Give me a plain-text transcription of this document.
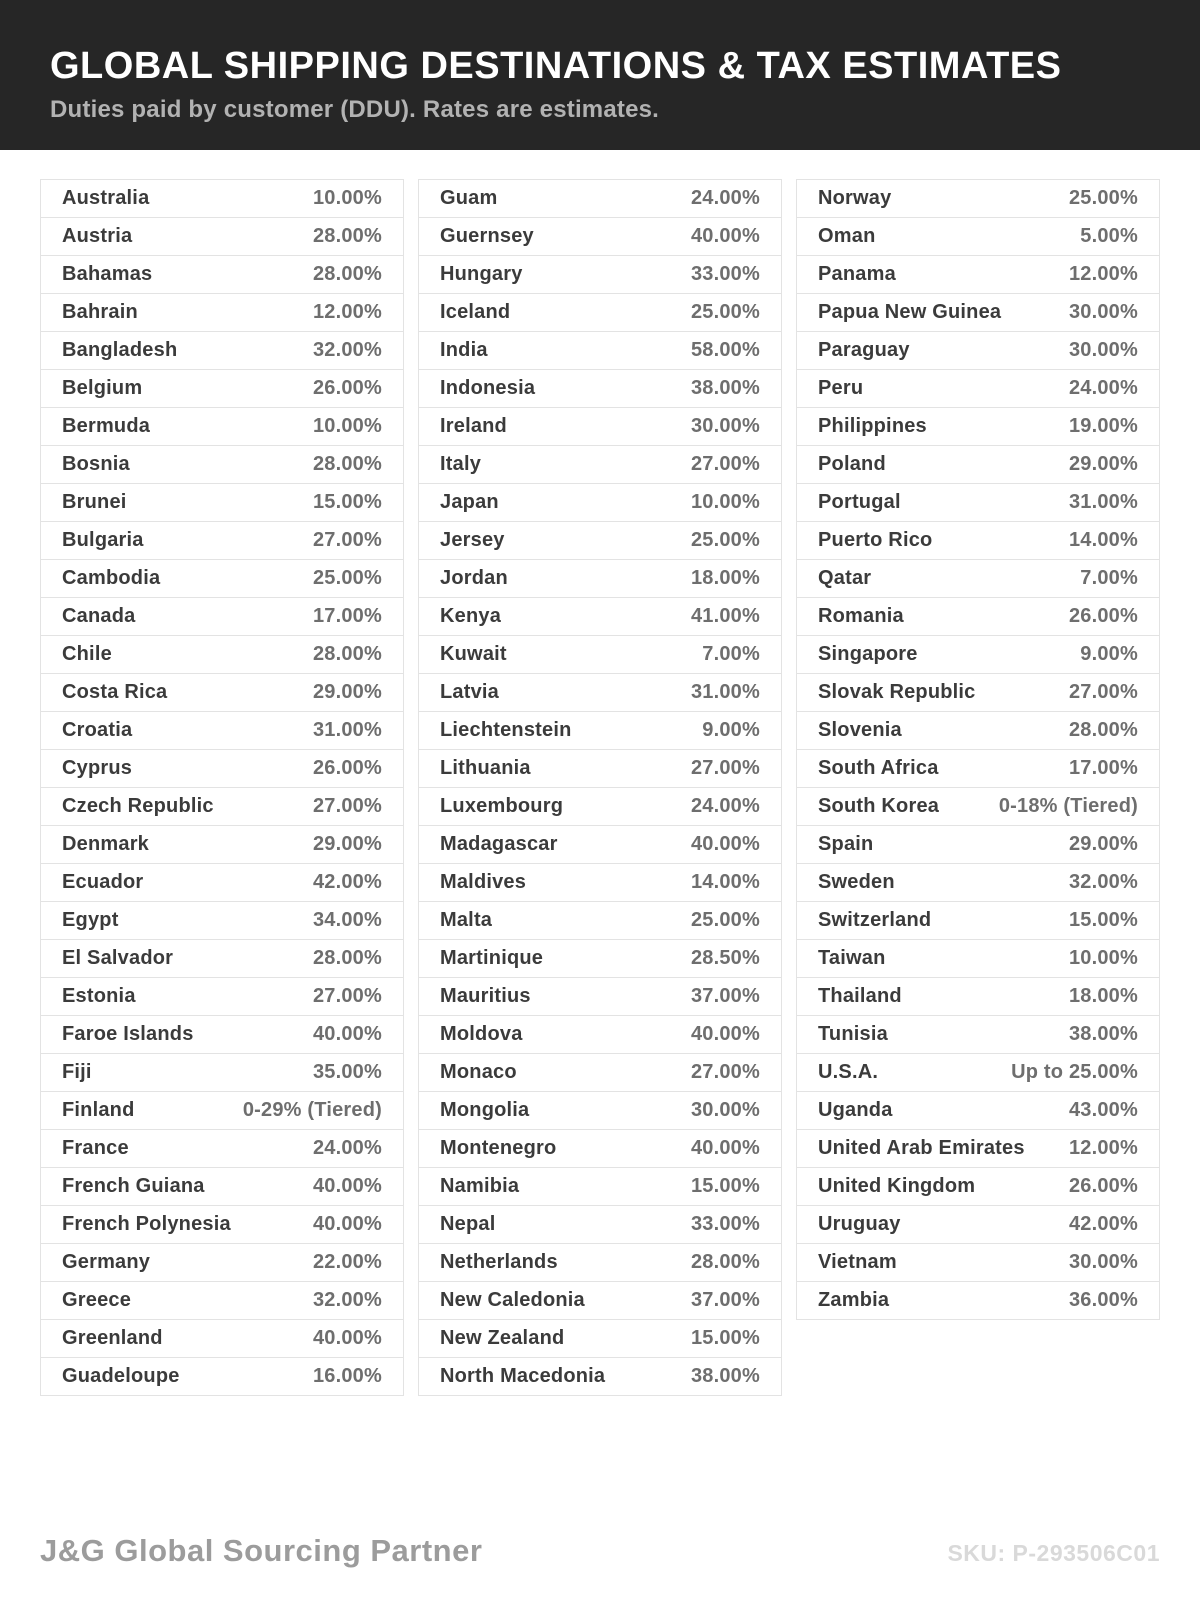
GLOBAL SHIPPING DESTINATIONS & TAX ESTIMATES

Duties paid by customer (DDU). Rates are estimates.

Australia	10.00%
Austria	28.00%
Bahamas	28.00%
Bahrain	12.00%
Bangladesh	32.00%
Belgium	26.00%
Bermuda	10.00%
Bosnia	28.00%
Brunei	15.00%
Bulgaria	27.00%
Cambodia	25.00%
Canada	17.00%
Chile	28.00%
Costa Rica	29.00%
Croatia	31.00%
Cyprus	26.00%
Czech Republic	27.00%
Denmark	29.00%
Ecuador	42.00%
Egypt	34.00%
El Salvador	28.00%
Estonia	27.00%
Faroe Islands	40.00%
Fiji	35.00%
Finland	0-29% (Tiered)
France	24.00%
French Guiana	40.00%
French Polynesia	40.00%
Germany	22.00%
Greece	32.00%
Greenland	40.00%
Guadeloupe	16.00%
Guam	24.00%
Guernsey	40.00%
Hungary	33.00%
Iceland	25.00%
India	58.00%
Indonesia	38.00%
Ireland	30.00%
Italy	27.00%
Japan	10.00%
Jersey	25.00%
Jordan	18.00%
Kenya	41.00%
Kuwait	7.00%
Latvia	31.00%
Liechtenstein	9.00%
Lithuania	27.00%
Luxembourg	24.00%
Madagascar	40.00%
Maldives	14.00%
Malta	25.00%
Martinique	28.50%
Mauritius	37.00%
Moldova	40.00%
Monaco	27.00%
Mongolia	30.00%
Montenegro	40.00%
Namibia	15.00%
Nepal	33.00%
Netherlands	28.00%
New Caledonia	37.00%
New Zealand	15.00%
North Macedonia	38.00%
Norway	25.00%
Oman	5.00%
Panama	12.00%
Papua New Guinea	30.00%
Paraguay	30.00%
Peru	24.00%
Philippines	19.00%
Poland	29.00%
Portugal	31.00%
Puerto Rico	14.00%
Qatar	7.00%
Romania	26.00%
Singapore	9.00%
Slovak Republic	27.00%
Slovenia	28.00%
South Africa	17.00%
South Korea	0-18% (Tiered)
Spain	29.00%
Sweden	32.00%
Switzerland	15.00%
Taiwan	10.00%
Thailand	18.00%
Tunisia	38.00%
U.S.A.	Up to 25.00%
Uganda	43.00%
United Arab Emirates 12.00%
United Kingdom	26.00%
Uruguay	42.00%
Vietnam	30.00%
Zambia	36.00%
J&G Global Sourcing Partner	SKU: P-293506C01
